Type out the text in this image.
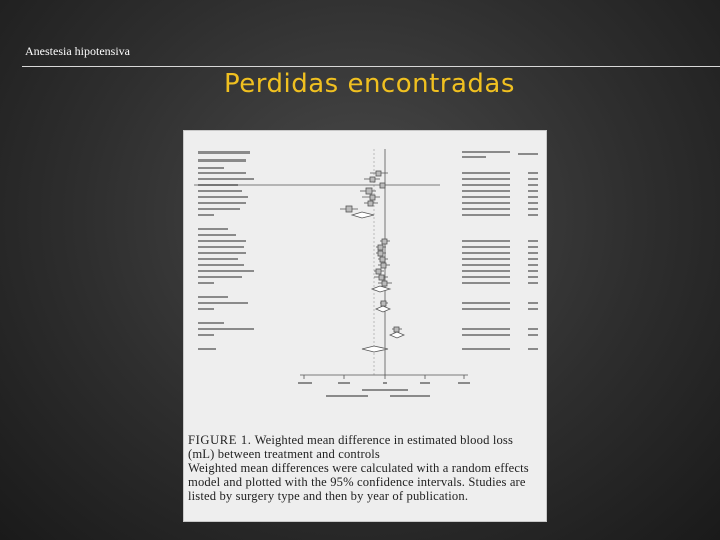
Anestesia hipotensiva
Perdidas encontradas
FIGURE 1. Weighted mean difference in estimated blood loss (mL) between treatment and controls
Weighted mean differences were calculated with a random effects model and plotted with the 95% confidence intervals. Studies are listed by surgery type and then by year of publication.
